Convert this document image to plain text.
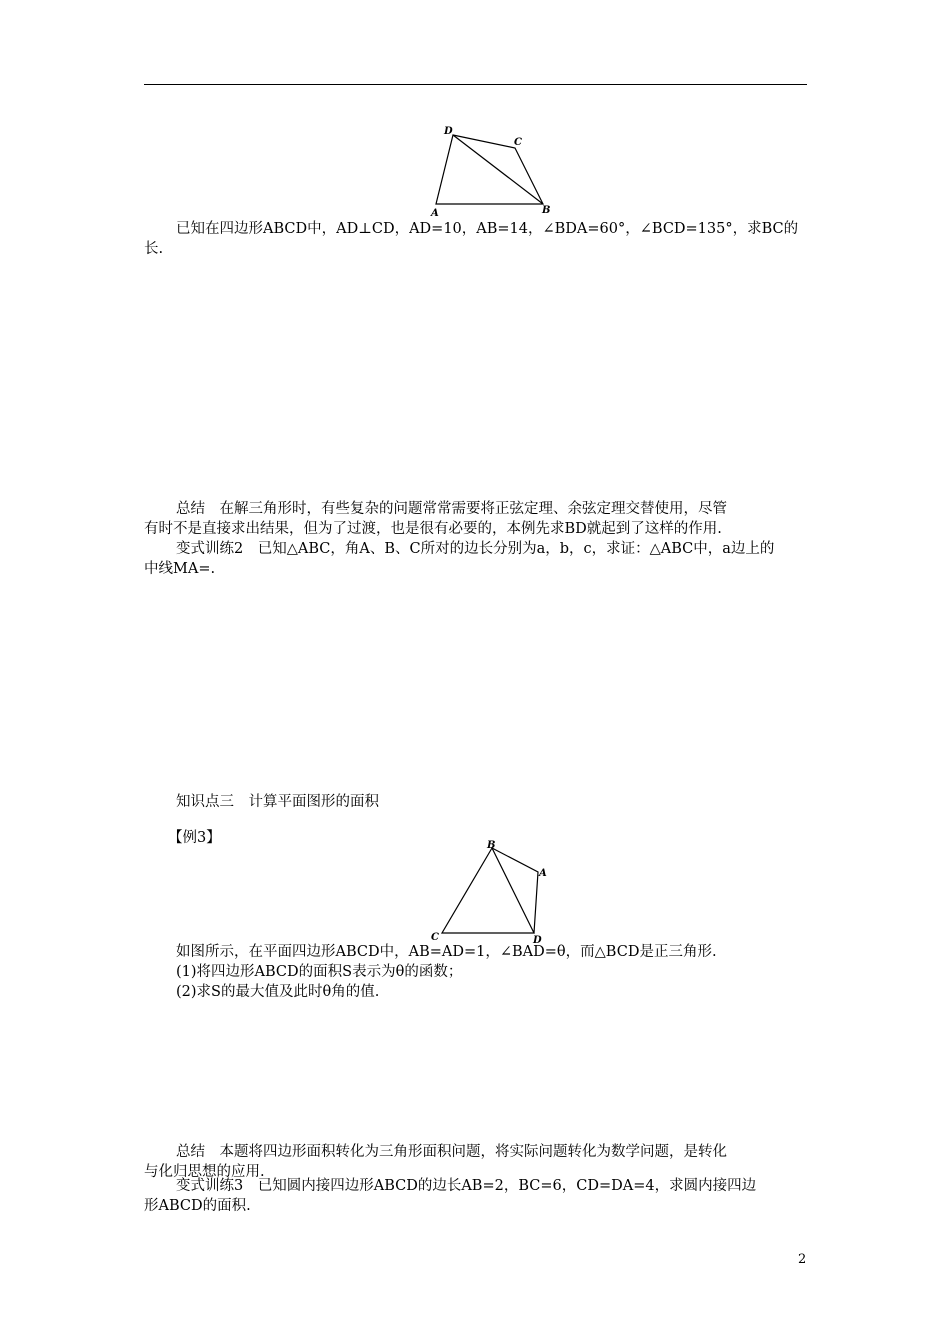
D
C
A	B
已知在四边形ABCD中，AD⊥CD，AD=10，AB=14，∠BDA=60°，∠BCD=135°，求BC的
长.
总结　在解三角形时，有些复杂的问题常常需要将正弦定理、余弦定理交替使用，尽管
有时不是直接求出结果，但为了过渡，也是很有必要的，本例先求BD就起到了这样的作用.
变式训练2　已知△ABC，角A、B、C所对的边长分别为a，b，c，求证：△ABC中，a边上的
中线MA=.
知识点三　计算平面图形的面积
【例3】	B
A
C	D
如图所示，在平面四边形ABCD中，AB=AD=1，∠BAD=θ，而△BCD是正三角形.
(1)将四边形ABCD的面积S表示为θ的函数；
(2)求S的最大值及此时θ角的值.
总结　本题将四边形面积转化为三角形面积问题，将实际问题转化为数学问题，是转化
与化归思想的应用.
变式训练3　已知圆内接四边形ABCD的边长AB=2，BC=6，CD=DA=4，求圆内接四边
形ABCD的面积.
2
